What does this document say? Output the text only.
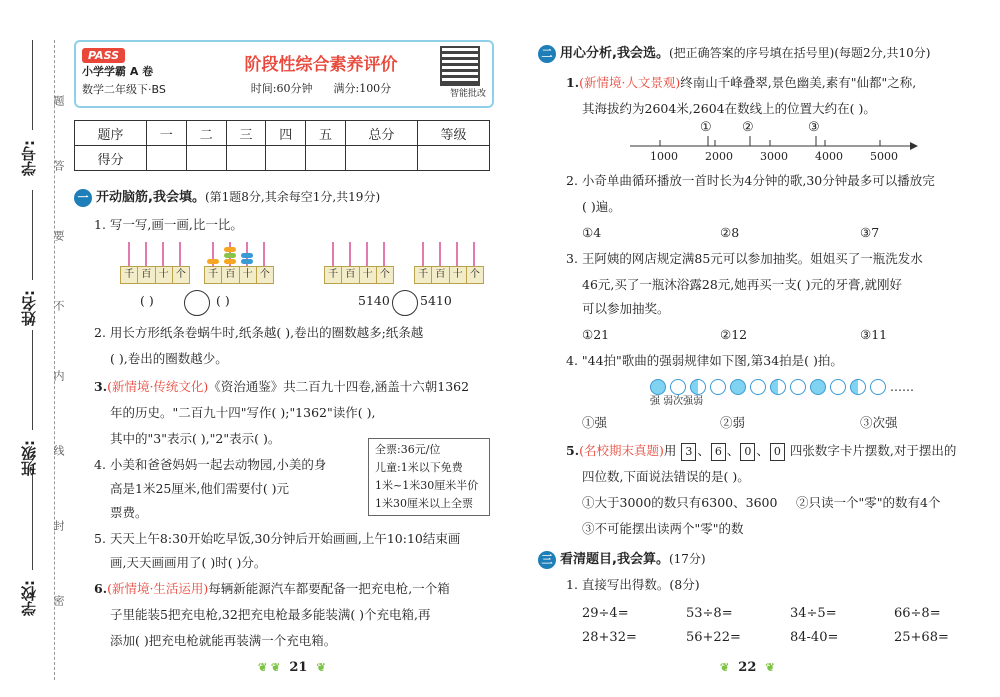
学校:
班级:
姓名:
学号:
题
答
要
不
内
线
封
密
PASS
小学学霸 A 卷
数学二年级下·BS
阶段性综合素养评价
时间:60分钟 满分:100分	智能批改
题序	一	二	三	四	五	总分	等级
得分							
一 开动脑筋,我会填。(第1题8分,其余每空1分,共19分)
1. 写一写,画一画,比一比。
千 百 十 个	千 百 十 个	千 百 十 个	千 百 十 个
( )	( )	5140 5410
2. 用长方形纸条卷蜗牛时,纸条越( ),卷出的圈数越多;纸条越
( ),卷出的圈数越少。
3.(新情境·传统文化)《资治通鉴》共二百九十四卷,涵盖十六朝1362
年的历史。"二百九十四"写作( );"1362"读作( ),
其中的"3"表示( ),"2"表示( )。
4. 小美和爸爸妈妈一起去动物园,小美的身
高是1米25厘米,他们需要付( )元
票费。
全票:36元/位
儿童:1米以下免费
1米~1米30厘米半价
1米30厘米以上全票
5. 天天上午8:30开始吃早饭,30分钟后开始画画,上午10:10结束画
画,天天画画用了( )时( )分。
6.(新情境·生活运用)每辆新能源汽车都要配备一把充电枪,一个箱
子里能装5把充电枪,32把充电枪最多能装满( )个充电箱,再
添加( )把充电枪就能再装满一个充电箱。
❦ ❦ 21 ❦
二 用心分析,我会选。(把正确答案的序号填在括号里)(每题2分,共10分)
1.(新情境·人文景观)终南山千峰叠翠,景色幽美,素有"仙都"之称,
其海拔约为2604米,2604在数线上的位置大约在( )。
① ②	③
1000 2000 3000 4000 5000
2. 小奇单曲循环播放一首时长为4分钟的歌,30分钟最多可以播放完
( )遍。
①4	②8	③7
3. 王阿姨的网店规定满85元可以参加抽奖。姐姐买了一瓶洗发水
46元,买了一瓶沐浴露28元,她再买一支( )元的牙膏,就刚好
可以参加抽奖。
①21	②12	③11
4. "44拍"歌曲的强弱规律如下图,第34拍是( )拍。
……
强 弱次强弱
①强	②弱	③次强
5.(名校期末真题)用 3 、 6 、 0 、 0 四张数字卡片摆数,对于摆出的
四位数,下面说法错误的是( )。
①大于3000的数只有6300、3600 ②只读一个"零"的数有4个
③不可能摆出读两个"零"的数
三 看清题目,我会算。(17分)
1. 直接写出得数。(8分)
29÷4=	53÷8=	34÷5=	66÷8=
28+32=	56+22=	84-40=	25+68=
❦ 22 ❦
